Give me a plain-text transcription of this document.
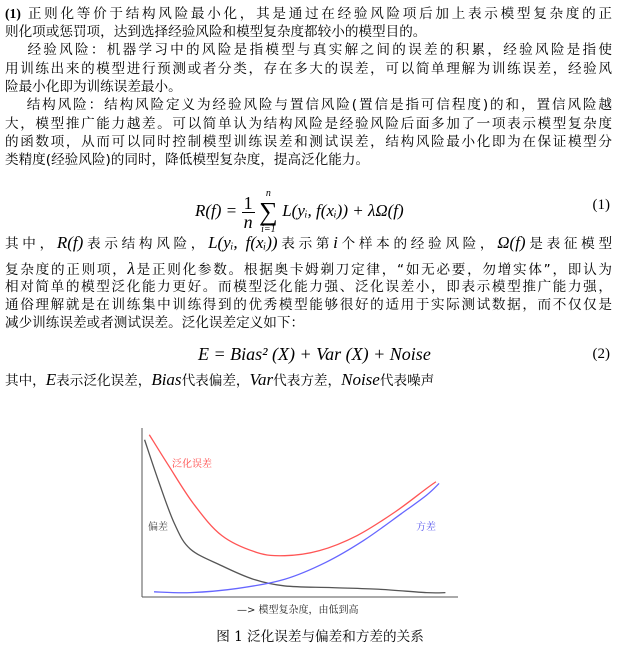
(1) 正则化等价于结构风险最小化，其是通过在经验风险项后加上表示模型复杂度的正
则化项或惩罚项，达到选择经验风险和模型复杂度都较小的模型目的。
　 经验风险：机器学习中的风险是指模型与真实解之间的误差的积累，经验风险是指使
用训练出来的模型进行预测或者分类，存在多大的误差，可以简单理解为训练误差，经验风
险最小化即为训练误差最小。
　 结构风险：结构风险定义为经验风险与置信风险(置信是指可信程度)的和，置信风险越
大，模型推广能力越差。可以简单认为结构风险是经验风险后面多加了一项表示模型复杂度
的函数项，从而可以同时控制模型训练误差和测试误差，结构风险最小化即为在保证模型分
类精度(经验风险)的同时，降低模型复杂度，提高泛化能力。
其中，R(f)表示结构风险，L(yᵢ, f(xᵢ))表示第i个样本的经验风险，Ω(f)是表征模型
复杂度的正则项，λ是正则化参数。根据奥卡姆剃刀定律，“如无必要，勿增实体”，即认为
相对简单的模型泛化能力更好。而模型泛化能力强、泛化误差小，即表示模型推广能力强，
通俗理解就是在训练集中训练得到的优秀模型能够很好的适用于实际测试数据，而不仅仅是
减少训练误差或者测试误差。泛化误差定义如下：
其中，E表示泛化误差，Bias代表偏差，Var代表方差，Noise代表噪声
$R(f) = \frac{1}{n}$
	n
∑
i=1
L(yᵢ, f(xᵢ)) + λΩ(f)	(1)
E = Bias² (X) + Var (X) + Noise	(2)
泛化误差
偏差	方差
—> 模型复杂度，由低到高
图 1 泛化误差与偏差和方差的关系
